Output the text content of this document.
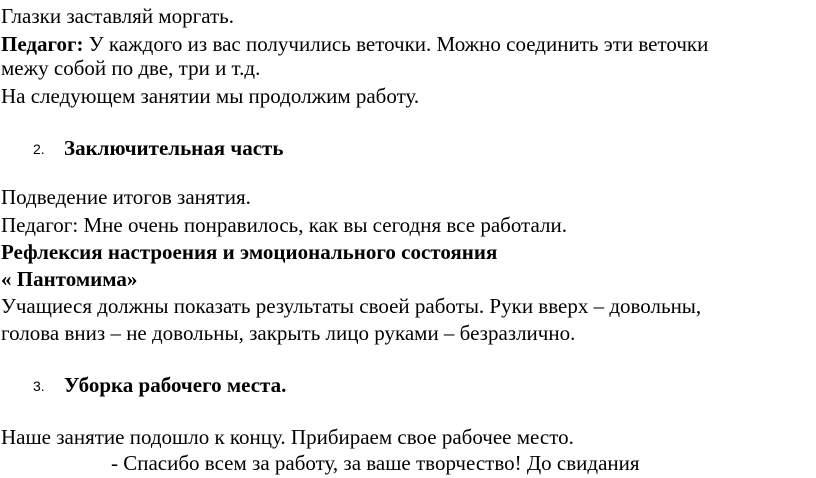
Глазки заставляй моргать.
Педагог: У каждого из вас получились веточки. Можно соединить эти веточки
межу собой по две, три и т.д.
На следующем занятии мы продолжим работу.
2. Заключительная часть
Подведение итогов занятия.
Педагог: Мне очень понравилось, как вы сегодня все работали.
Рефлексия настроения и эмоционального состояния
« Пантомима»
Учащиеся должны показать результаты своей работы. Руки вверх – довольны,
голова вниз – не довольны, закрыть лицо руками – безразлично.
3. Уборка рабочего места.
Наше занятие подошло к концу. Прибираем свое рабочее место.
- Спасибо всем за работу, за ваше творчество! До свидания
